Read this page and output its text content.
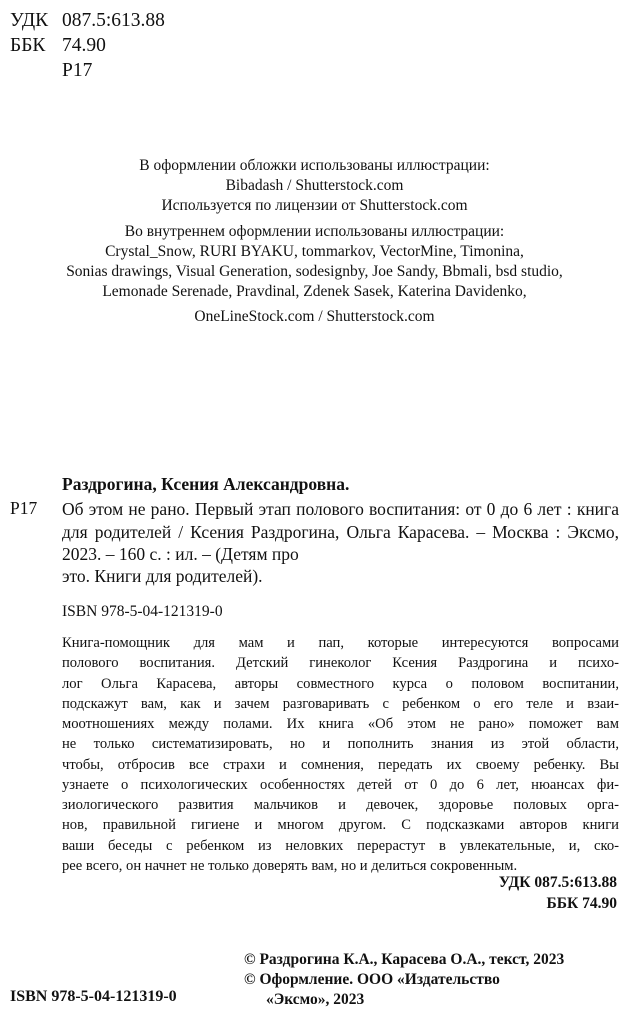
УДК 087.5:613.88
ББК 74.90
Р17
В оформлении обложки использованы иллюстрации:
Bibadash / Shutterstock.com
Используется по лицензии от Shutterstock.com
Во внутреннем оформлении использованы иллюстрации:
Crystal_Snow, RURI BYAKU, tommarkov, VectorMine, Timonina,
Sonias drawings, Visual Generation, sodesignby, Joe Sandy, Bbmali, bsd studio,
Lemonade Serenade, Pravdinal, Zdenek Sasek, Katerina Davidenko,
OneLineStock.com / Shutterstock.com
Раздрогина, Ксения Александровна.
Р17 Об этом не рано. Первый этап полового воспитания: от 0 до 6 лет : книга для родителей / Ксения Раздрогина, Ольга Карасева. – Москва : Эксмо, 2023. – 160 с. : ил. – (Детям про
это. Книги для родителей).
ISBN 978-5-04-121319-0
Книга-помощник для мам и пап, которые интересуются вопросами
полового воспитания. Детский гинеколог Ксения Раздрогина и психо-
лог Ольга Карасева, авторы совместного курса о половом воспитании,
подскажут вам, как и зачем разговаривать с ребенком о его теле и взаи-
моотношениях между полами. Их книга «Об этом не рано» поможет вам
не только систематизировать, но и пополнить знания из этой области,
чтобы, отбросив все страхи и сомнения, передать их своему ребенку. Вы
узнаете о психологических особенностях детей от 0 до 6 лет, нюансах фи-
зиологического развития мальчиков и девочек, здоровье половых орга-
нов, правильной гигиене и многом другом. С подсказками авторов книги
ваши беседы с ребенком из неловких перерастут в увлекательные, и, ско-
рее всего, он начнет не только доверять вам, но и делиться сокровенным.
УДК 087.5:613.88
ББК 74.90
© Раздрогина К.А., Карасева О.А., текст, 2023
© Оформление. ООО «Издательство
«Эксмо», 2023
ISBN 978-5-04-121319-0
